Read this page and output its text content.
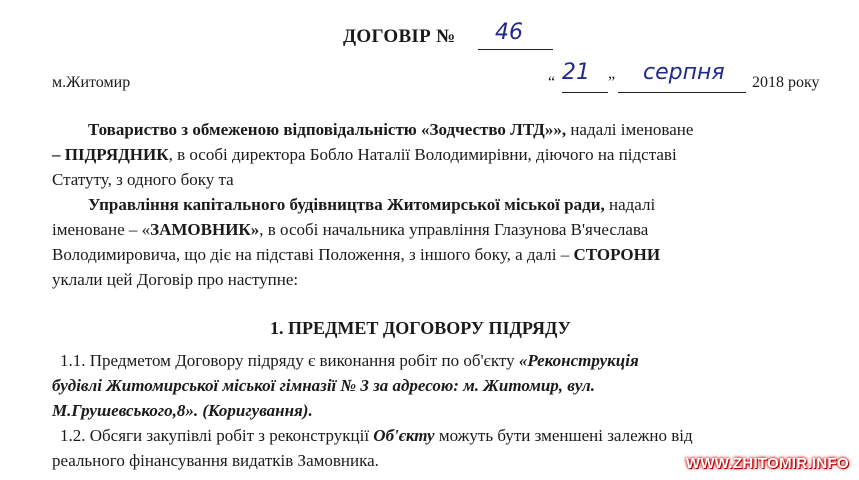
ДОГОВІР № 46
м.Житомир	“ 21 ” серпня 2018 року
Товариство з обмеженою відповідальністю «Зодчество ЛТД»», надалі іменоване
– ПІДРЯДНИК, в особі директора Бобло Наталії Володимирівни, діючого на підставі
Статуту, з одного боку та
Управління капітального будівництва Житомирської міської ради, надалі
іменоване – «ЗАМОВНИК», в особі начальника управління Глазунова В'ячеслава
Володимировича, що діє на підставі Положення, з іншого боку, а далі – СТОРОНИ
уклали цей Договір про наступне:
1. ПРЕДМЕТ ДОГОВОРУ ПІДРЯДУ
1.1. Предметом Договору підряду є виконання робіт по об'єкту «Реконструкція
будівлі Житомирської міської гімназії № 3 за адресою: м. Житомир, вул.
М.Грушевського,8». (Коригування).
1.2. Обсяги закупівлі робіт з реконструкції Об'єкту можуть бути зменшені залежно від
реального фінансування видатків Замовника.	WWW.ZHITOMIR.INFO
